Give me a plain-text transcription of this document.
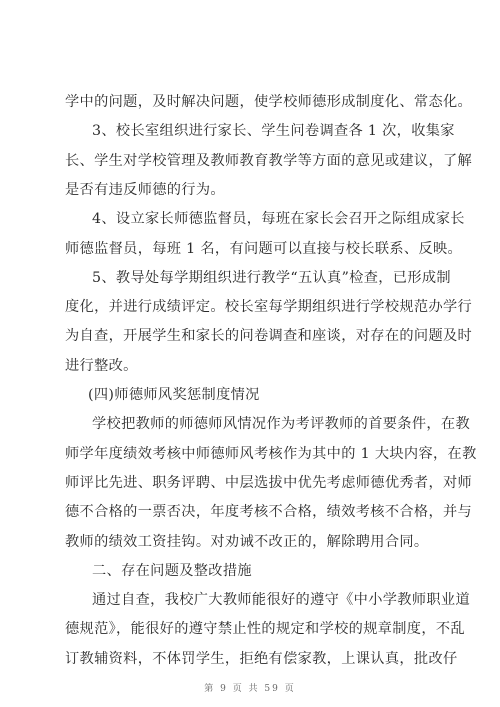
学中的问题，及时解决问题，使学校师德形成制度化、常态化。
3、校长室组织进行家长、学生问卷调查各 1 次，收集家
长、学生对学校管理及教师教育教学等方面的意见或建议，了解
是否有违反师德的行为。
4、设立家长师德监督员，每班在家长会召开之际组成家长
师德监督员，每班 1 名，有问题可以直接与校长联系、反映。
5、教导处每学期组织进行教学“五认真”检查，已形成制
度化，并进行成绩评定。校长室每学期组织进行学校规范办学行
为自查，开展学生和家长的问卷调查和座谈，对存在的问题及时
进行整改。
(四)师德师风奖惩制度情况
学校把教师的师德师风情况作为考评教师的首要条件，在教
师学年度绩效考核中师德师风考核作为其中的 1 大块内容，在教
师评比先进、职务评聘、中层选拔中优先考虑师德优秀者，对师
德不合格的一票否决，年度考核不合格，绩效考核不合格，并与
教师的绩效工资挂钩。对劝诫不改正的，解除聘用合同。
二、存在问题及整改措施
通过自查，我校广大教师能很好的遵守《中小学教师职业道
德规范》，能很好的遵守禁止性的规定和学校的规章制度，不乱
订教辅资料，不体罚学生，拒绝有偿家教，上课认真，批改仔
第 9 页 共 59 页
